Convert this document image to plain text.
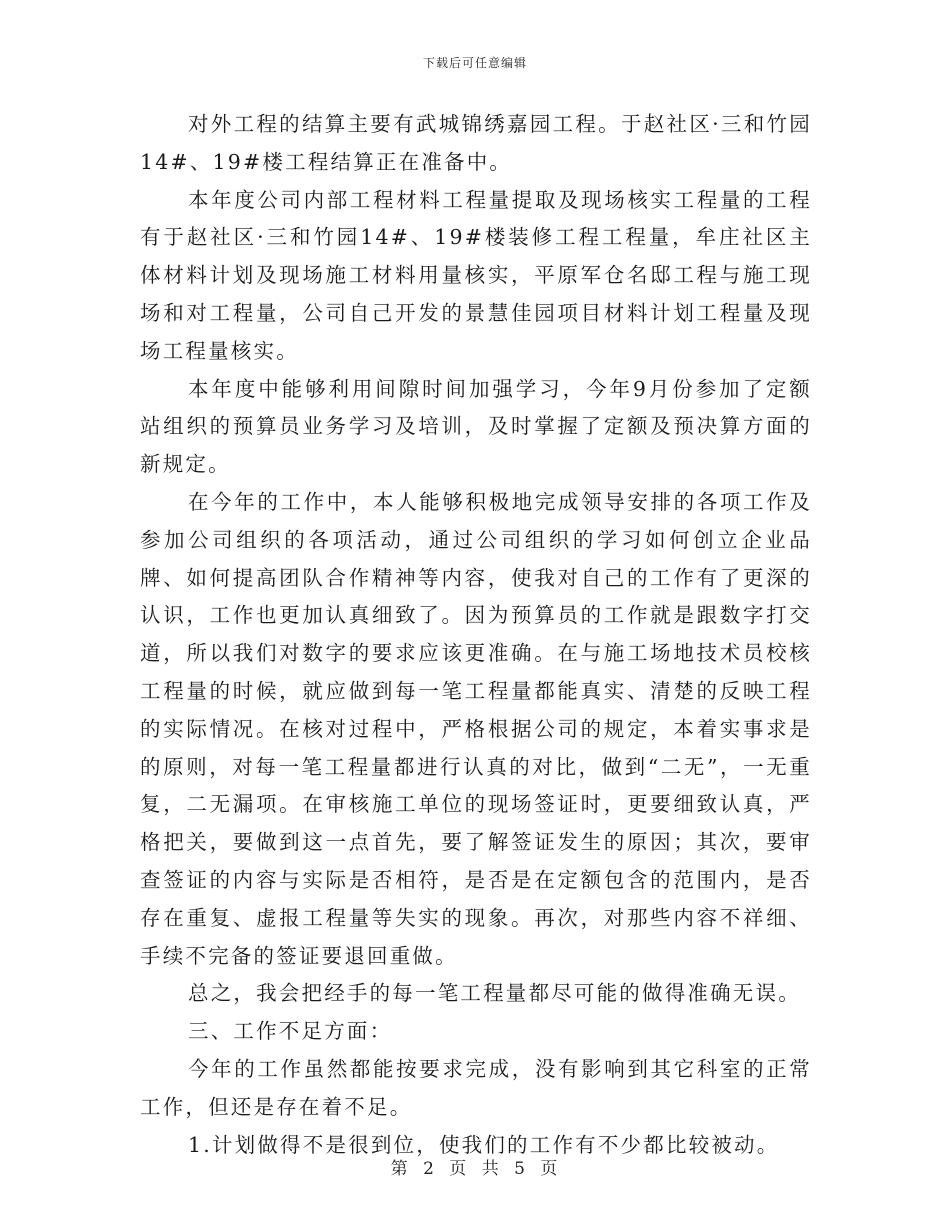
下载后可任意编辑

对外工程的结算主要有武城锦绣嘉园工程。于赵社区·三和竹园14#、19#楼工程结算正在准备中。

本年度公司内部工程材料工程量提取及现场核实工程量的工程有于赵社区·三和竹园14#、19#楼装修工程工程量，牟庄社区主体材料计划及现场施工材料用量核实，平原军仓名邸工程与施工现场和对工程量，公司自己开发的景慧佳园项目材料计划工程量及现场工程量核实。

本年度中能够利用间隙时间加强学习，今年9月份参加了定额站组织的预算员业务学习及培训，及时掌握了定额及预决算方面的新规定。

在今年的工作中，本人能够积极地完成领导安排的各项工作及参加公司组织的各项活动，通过公司组织的学习如何创立企业品牌、如何提高团队合作精神等内容，使我对自己的工作有了更深的认识，工作也更加认真细致了。因为预算员的工作就是跟数字打交道，所以我们对数字的要求应该更准确。在与施工场地技术员校核工程量的时候，就应做到每一笔工程量都能真实、清楚的反映工程的实际情况。在核对过程中，严格根据公司的规定，本着实事求是的原则，对每一笔工程量都进行认真的对比，做到“二无”，一无重复，二无漏项。在审核施工单位的现场签证时，更要细致认真，严格把关，要做到这一点首先，要了解签证发生的原因；其次，要审查签证的内容与实际是否相符，是否是在定额包含的范围内，是否存在重复、虚报工程量等失实的现象。再次，对那些内容不祥细、手续不完备的签证要退回重做。

总之，我会把经手的每一笔工程量都尽可能的做得准确无误。

三、工作不足方面：

今年的工作虽然都能按要求完成，没有影响到其它科室的正常工作，但还是存在着不足。

1.计划做得不是很到位，使我们的工作有不少都比较被动。

第 2 页 共 5 页
